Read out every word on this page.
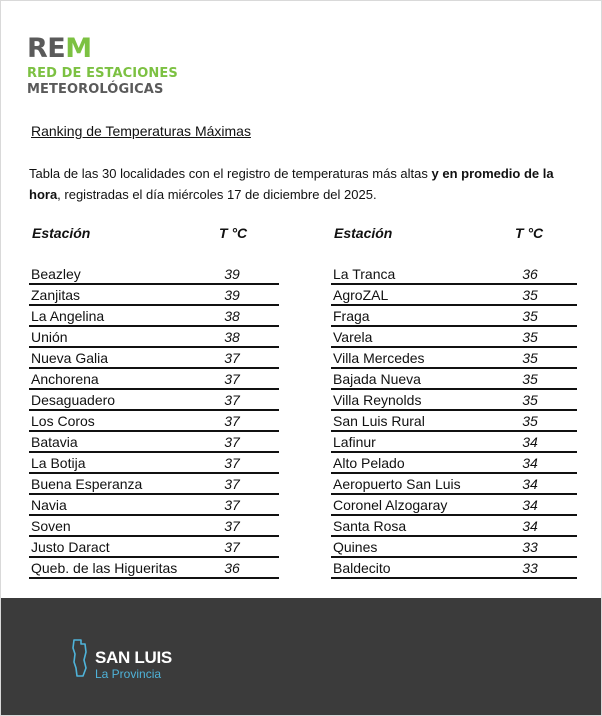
REM
RED DE ESTACIONES
METEOROLÓGICAS
Ranking de Temperaturas Máximas
Tabla de las 30 localidades con el registro de temperaturas más altas y en promedio de la hora, registradas el día miércoles 17 de diciembre del 2025.
Estación	T °C
Beazley	39
Zanjitas	39
La Angelina	38
Unión	38
Nueva Galia	37
Anchorena	37
Desaguadero	37
Los Coros	37
Batavia	37
La Botija	37
Buena Esperanza	37
Navia	37
Soven	37
Justo Daract	37
Queb. de las Higueritas	36
Estación	T °C
La Tranca	36
AgroZAL	35
Fraga	35
Varela	35
Villa Mercedes	35
Bajada Nueva	35
Villa Reynolds	35
San Luis Rural	35
Lafinur	34
Alto Pelado	34
Aeropuerto San Luis	34
Coronel Alzogaray	34
Santa Rosa	34
Quines	33
Baldecito	33
SAN LUIS
La Provincia
